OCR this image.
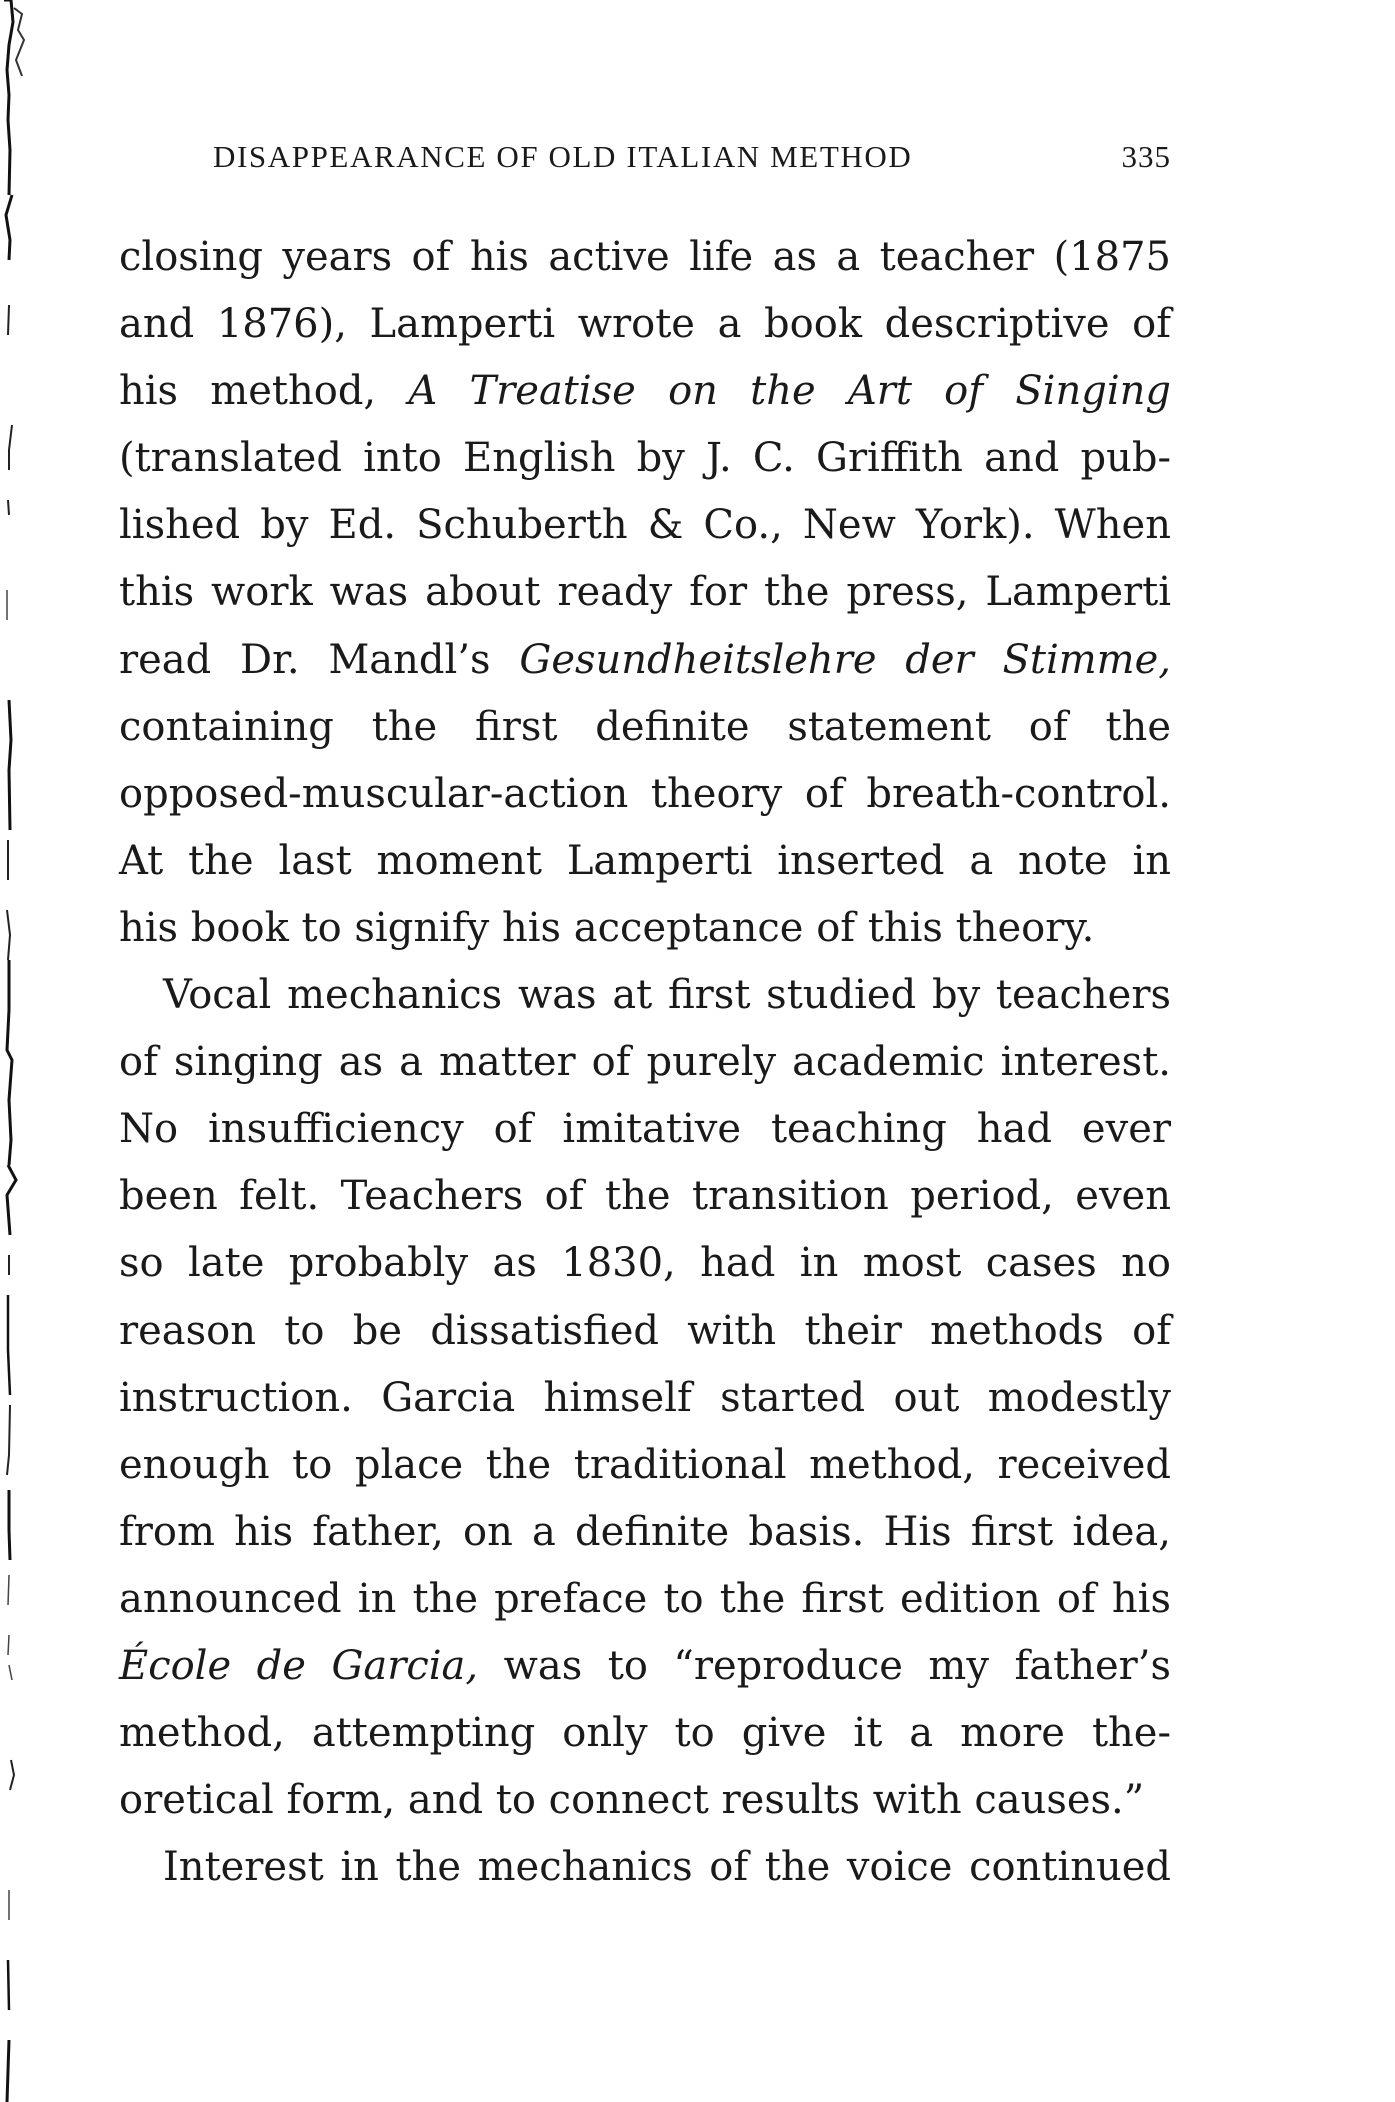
DISAPPEARANCE OF OLD ITALIAN METHOD	335
closing years of his active life as a teacher (1875
and 1876), Lamperti wrote a book descriptive of
his method, A Treatise on the Art of Singing
(translated into English by J. C. Griffith and pub-
lished by Ed. Schuberth & Co., New York). When
this work was about ready for the press, Lamperti
read Dr. Mandl’s Gesundheitslehre der Stimme,
containing the first definite statement of the
opposed-muscular-action theory of breath-control.
At the last moment Lamperti inserted a note in
his book to signify his acceptance of this theory.
Vocal mechanics was at first studied by teachers
of singing as a matter of purely academic interest.
No insufficiency of imitative teaching had ever
been felt. Teachers of the transition period, even
so late probably as 1830, had in most cases no
reason to be dissatisfied with their methods of
instruction. Garcia himself started out modestly
enough to place the traditional method, received
from his father, on a definite basis. His first idea,
announced in the preface to the first edition of his
École de Garcia, was to “reproduce my father’s
method, attempting only to give it a more the-
oretical form, and to connect results with causes.”
Interest in the mechanics of the voice continued
